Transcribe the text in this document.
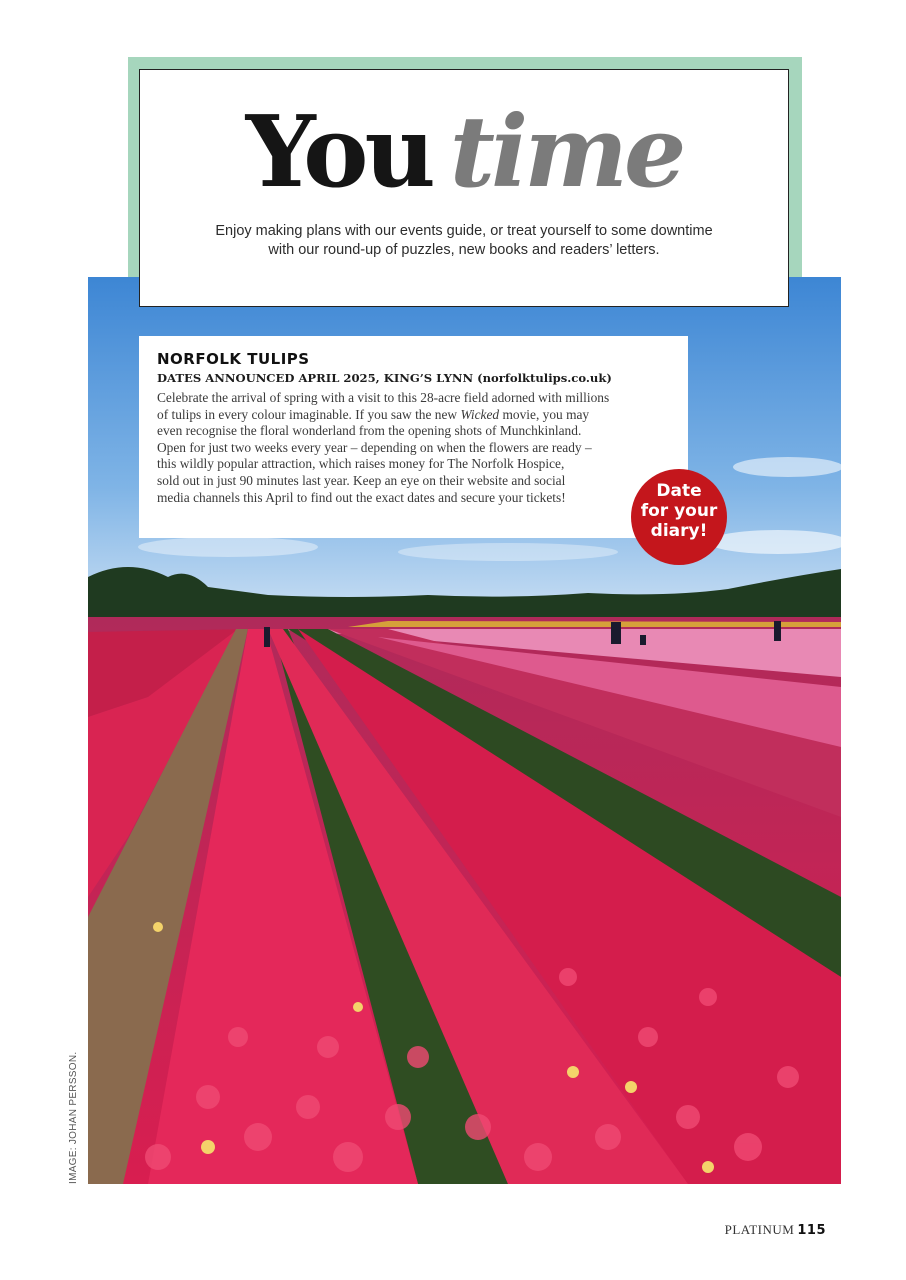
You time
Enjoy making plans with our events guide, or treat yourself to some downtime
with our round-up of puzzles, new books and readers’ letters.
NORFOLK TULIPS
DATES ANNOUNCED APRIL 2025, KING’S LYNN (norfolktulips.co.uk)

Celebrate the arrival of spring with a visit to this 28-acre field adorned with millions

of tulips in every colour imaginable. If you saw the new Wicked movie, you may

even recognise the floral wonderland from the opening shots of Munchkinland.

Open for just two weeks every year – depending on when the flowers are ready –

this wildly popular attraction, which raises money for The Norfolk Hospice,

sold out in just 90 minutes last year. Keep an eye on their website and social

media channels this April to find out the exact dates and secure your tickets!	Date
for your
diary!
IMAGE: JOHAN PERSSON.
PLATINUM 115
